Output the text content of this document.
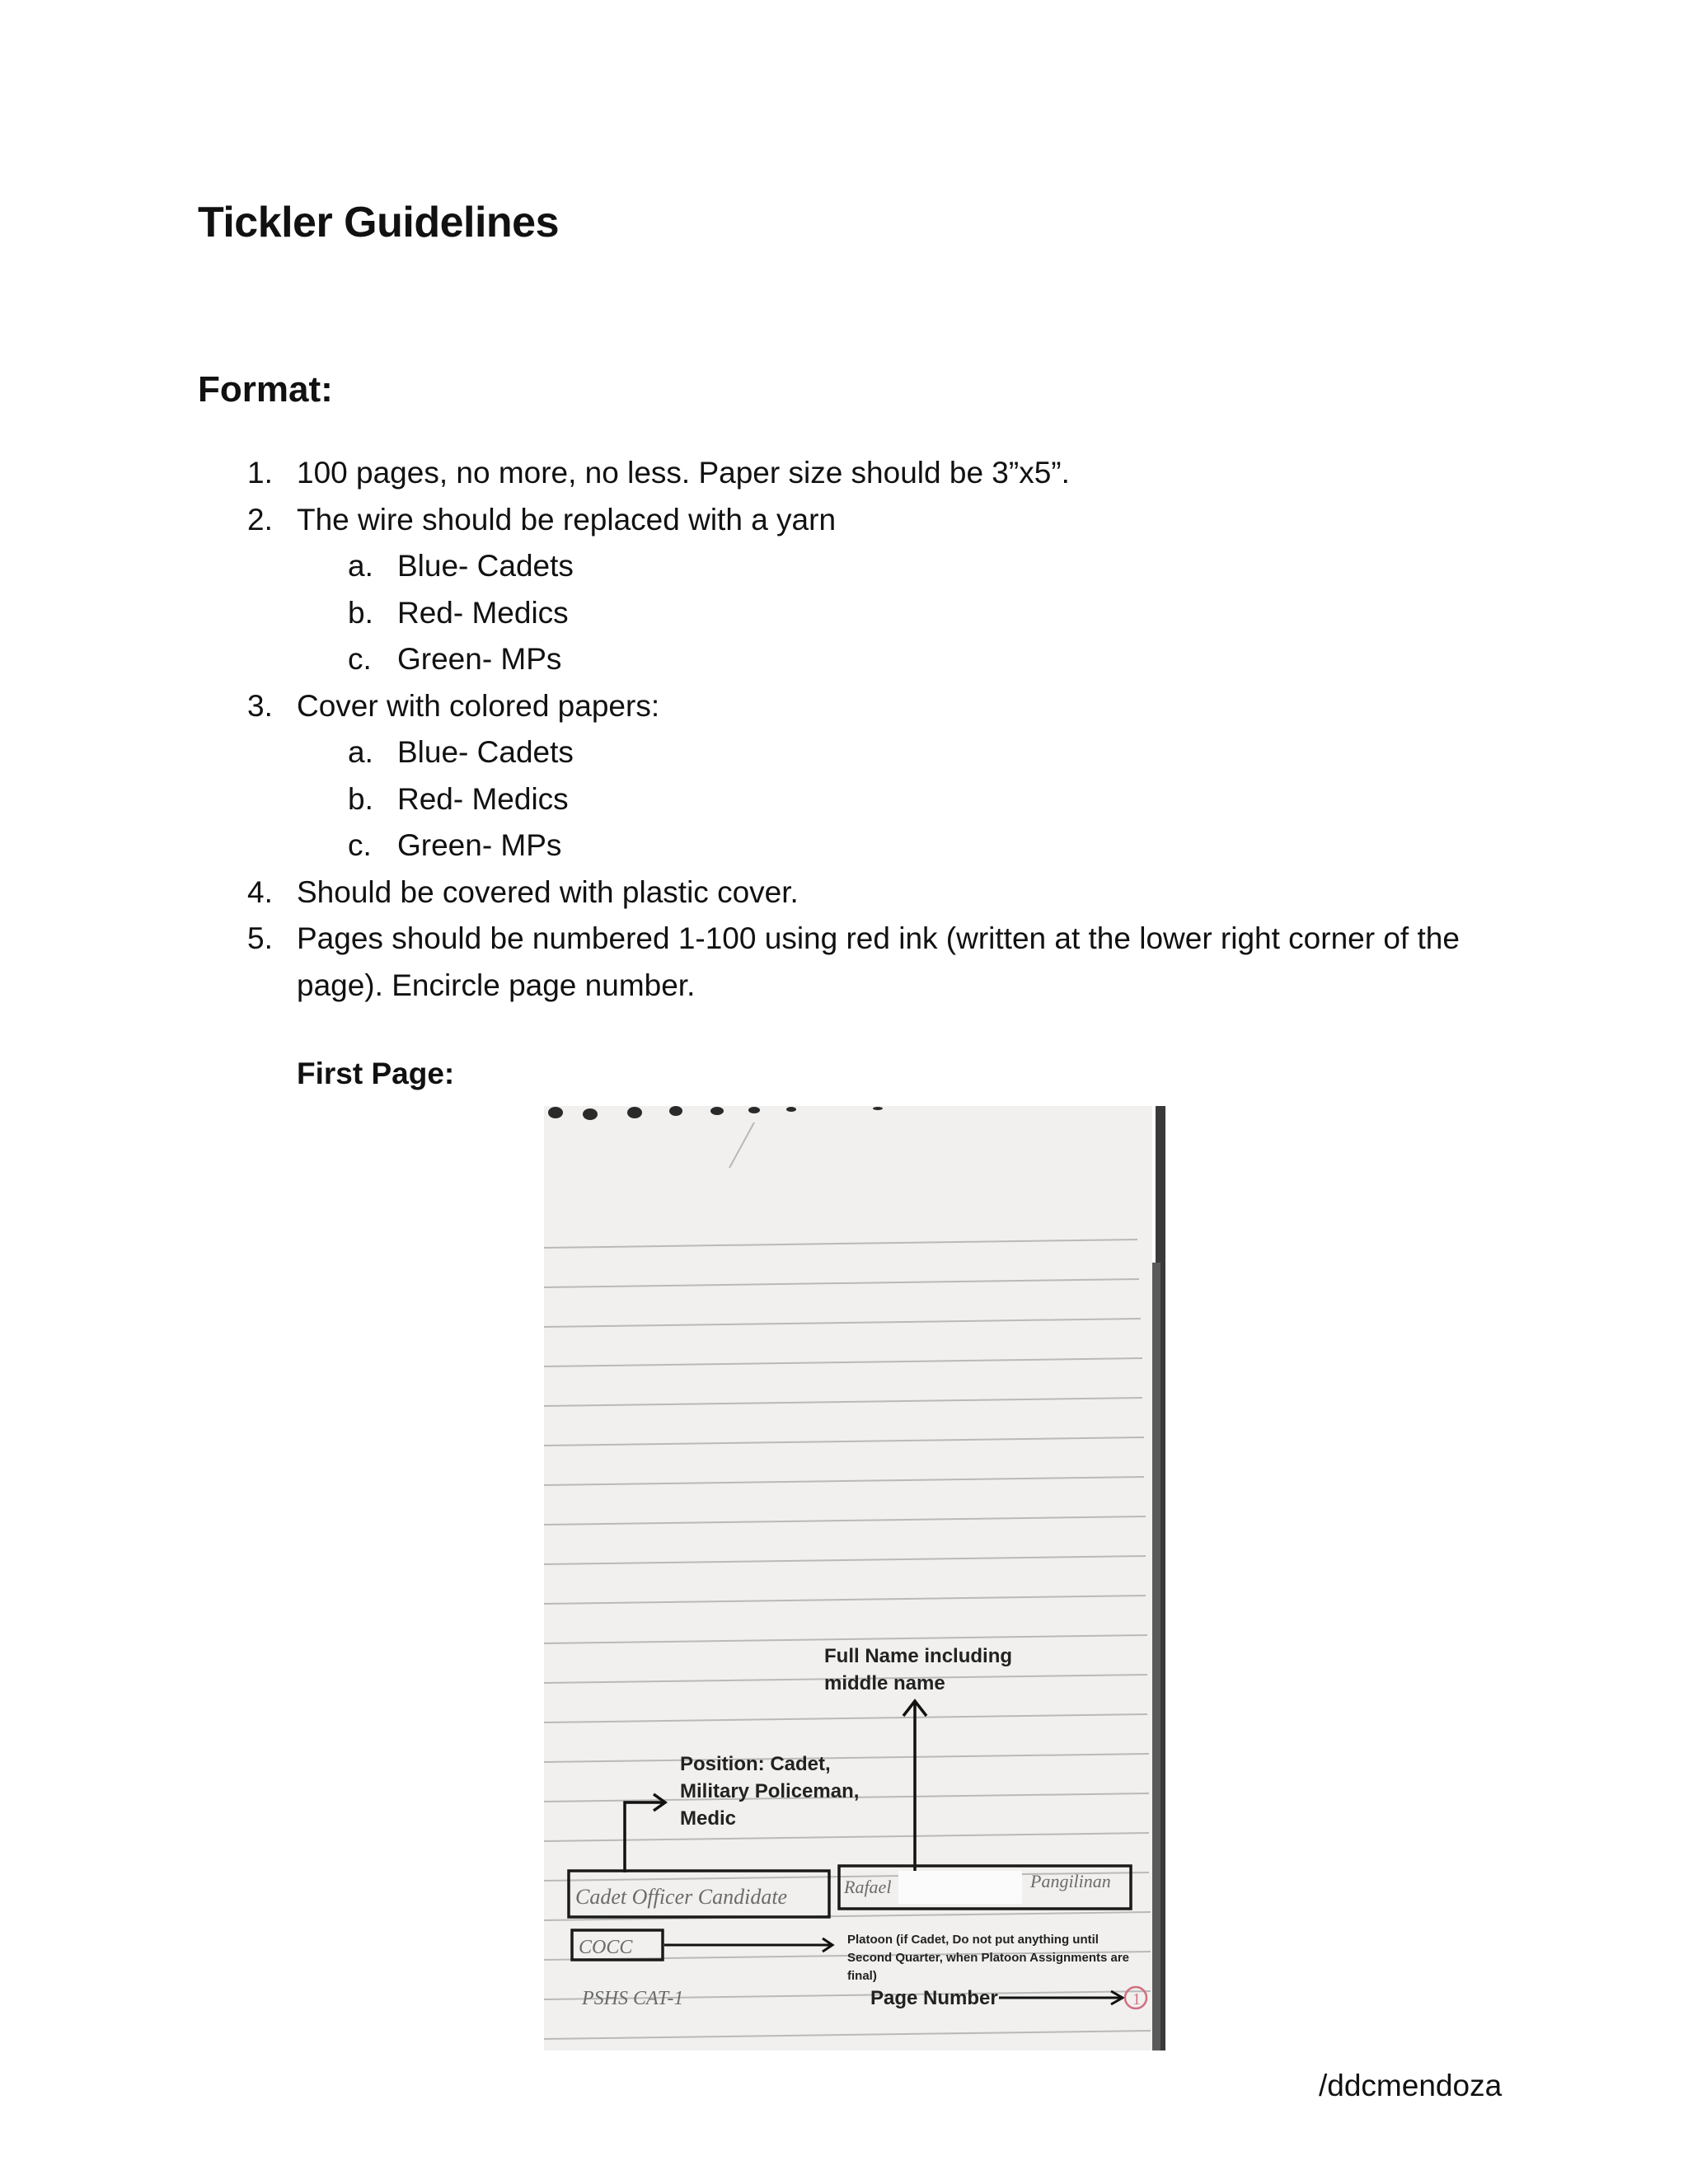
Tickler Guidelines
Format:
1. 100 pages, no more, no less. Paper size should be 3”x5”.
2. The wire should be replaced with a yarn
a. Blue- Cadets
b. Red- Medics
c. Green- MPs
3. Cover with colored papers:
a. Blue- Cadets
b. Red- Medics
c. Green- MPs
4. Should be covered with plastic cover.
5. Pages should be numbered 1-100 using red ink (written at the lower right corner of the page). Encircle page number.
First Page:
Full Name including
middle name
Position: Cadet,
Military Policeman,
Medic
Cadet Officer Candidate	Rafael	Pangilinan
COCC	Platoon (if Cadet, Do not put anything until
Second Quarter, when Platoon Assignments are
final)
PSHS CAT-1	Page Number	1
/ddcmendoza
